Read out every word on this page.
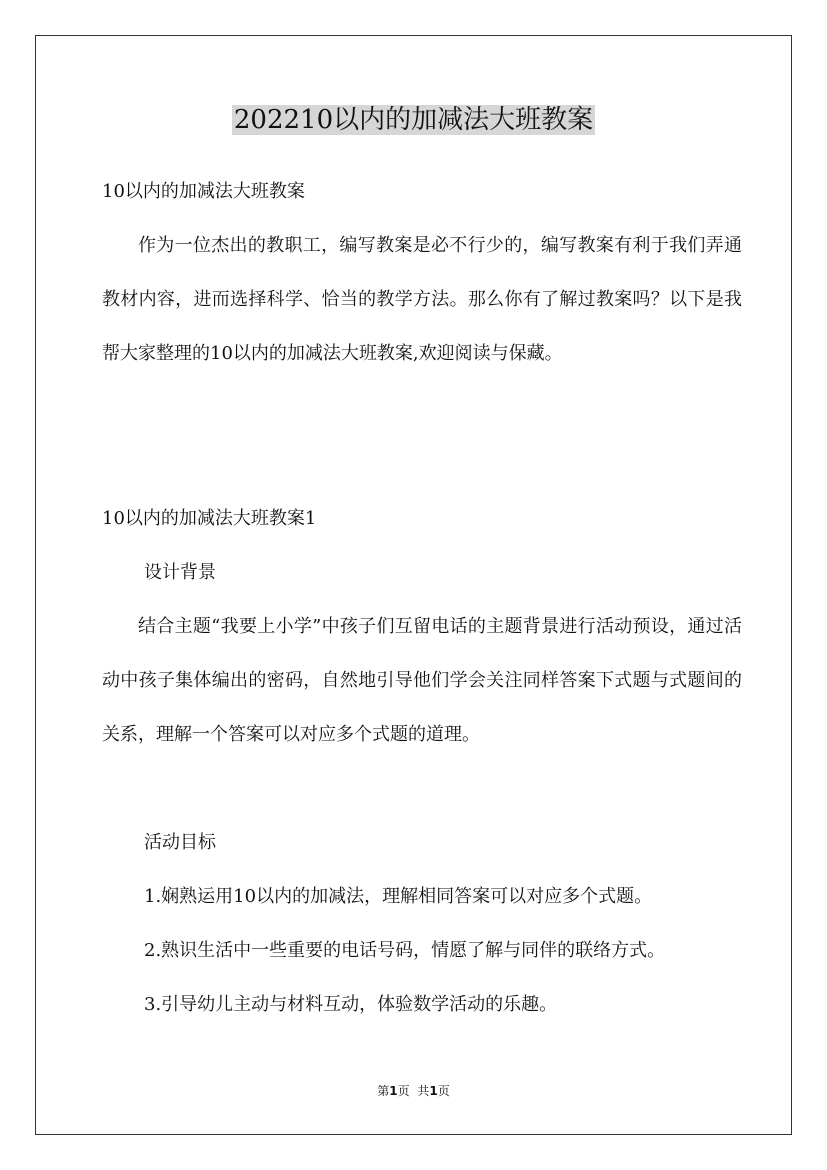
202210以内的加减法大班教案

10以内的加减法大班教案

作为一位杰出的教职工，编写教案是必不行少的，编写教案有利于我们弄通教材内容，进而选择科学、恰当的教学方法。那么你有了解过教案吗？以下是我帮大家整理的10以内的加减法大班教案,欢迎阅读与保藏。

10以内的加减法大班教案1

设计背景

结合主题“我要上小学”中孩子们互留电话的主题背景进行活动预设，通过活动中孩子集体编出的密码，自然地引导他们学会关注同样答案下式题与式题间的关系，理解一个答案可以对应多个式题的道理。

活动目标

1.娴熟运用10以内的加减法，理解相同答案可以对应多个式题。

2.熟识生活中一些重要的电话号码，情愿了解与同伴的联络方式。

3.引导幼儿主动与材料互动，体验数学活动的乐趣。

第1页 共1页
